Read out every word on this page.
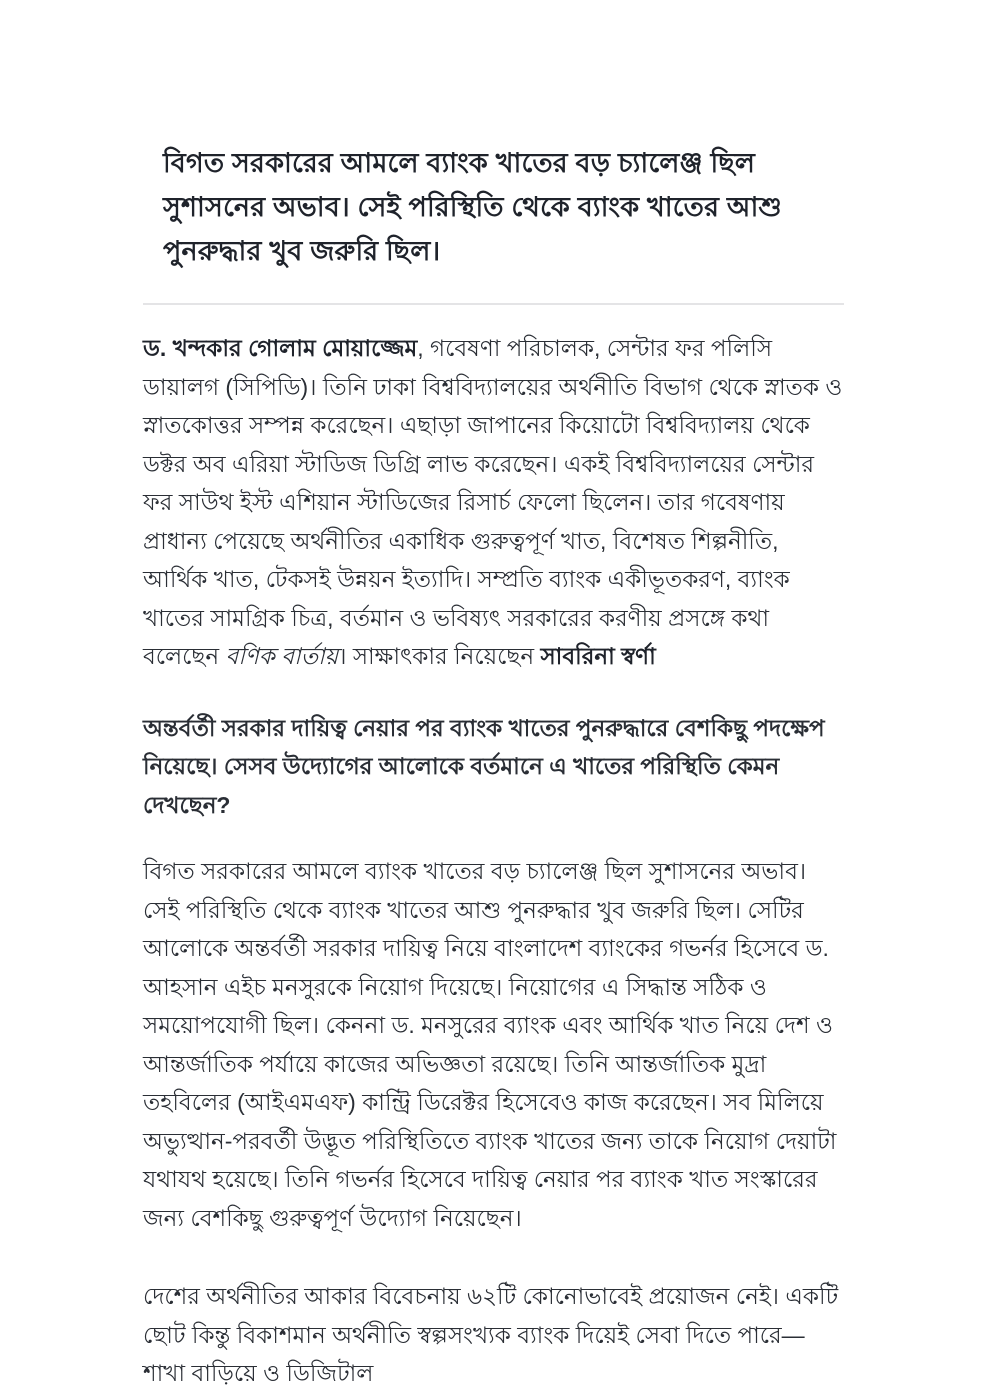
বিগত সরকারের আমলে ব্যাংক খাতের বড় চ্যালেঞ্জ ছিল সুশাসনের অভাব। সেই পরিস্থিতি থেকে ব্যাংক খাতের আশু পুনরুদ্ধার খুব জরুরি ছিল।

ড. খন্দকার গোলাম মোয়াজ্জেম, গবেষণা পরিচালক, সেন্টার ফর পলিসি ডায়ালগ (সিপিডি)। তিনি ঢাকা বিশ্ববিদ্যালয়ের অর্থনীতি বিভাগ থেকে স্নাতক ও স্নাতকোত্তর সম্পন্ন করেছেন। এছাড়া জাপানের কিয়োটো বিশ্ববিদ্যালয় থেকে ডক্টর অব এরিয়া স্টাডিজ ডিগ্রি লাভ করেছেন। একই বিশ্ববিদ্যালয়ের সেন্টার ফর সাউথ ইস্ট এশিয়ান স্টাডিজের রিসার্চ ফেলো ছিলেন। তার গবেষণায় প্রাধান্য পেয়েছে অর্থনীতির একাধিক গুরুত্বপূর্ণ খাত, বিশেষত শিল্পনীতি, আর্থিক খাত, টেকসই উন্নয়ন ইত্যাদি। সম্প্রতি ব্যাংক একীভূতকরণ, ব্যাংক খাতের সামগ্রিক চিত্র, বর্তমান ও ভবিষ্যৎ সরকারের করণীয় প্রসঙ্গে কথা বলেছেন বণিক বার্তায়। সাক্ষাৎকার নিয়েছেন সাবরিনা স্বর্ণা

অন্তর্বর্তী সরকার দায়িত্ব নেয়ার পর ব্যাংক খাতের পুনরুদ্ধারে বেশকিছু পদক্ষেপ নিয়েছে। সেসব উদ্যোগের আলোকে বর্তমানে এ খাতের পরিস্থিতি কেমন দেখছেন?

বিগত সরকারের আমলে ব্যাংক খাতের বড় চ্যালেঞ্জ ছিল সুশাসনের অভাব। সেই পরিস্থিতি থেকে ব্যাংক খাতের আশু পুনরুদ্ধার খুব জরুরি ছিল। সেটির আলোকে অন্তর্বর্তী সরকার দায়িত্ব নিয়ে বাংলাদেশ ব্যাংকের গভর্নর হিসেবে ড. আহসান এইচ মনসুরকে নিয়োগ দিয়েছে। নিয়োগের এ সিদ্ধান্ত সঠিক ও সময়োপযোগী ছিল। কেননা ড. মনসুরের ব্যাংক এবং আর্থিক খাত নিয়ে দেশ ও আন্তর্জাতিক পর্যায়ে কাজের অভিজ্ঞতা রয়েছে। তিনি আন্তর্জাতিক মুদ্রা তহবিলের (আইএমএফ) কান্ট্রি ডিরেক্টর হিসেবেও কাজ করেছেন। সব মিলিয়ে অভ্যুত্থান-পরবর্তী উদ্ভূত পরিস্থিতিতে ব্যাংক খাতের জন্য তাকে নিয়োগ দেয়াটা যথাযথ হয়েছে। তিনি গভর্নর হিসেবে দায়িত্ব নেয়ার পর ব্যাংক খাত সংস্কারের জন্য বেশকিছু গুরুত্বপূর্ণ উদ্যোগ নিয়েছেন।

দেশের অর্থনীতির আকার বিবেচনায় ৬২টি কোনোভাবেই প্রয়োজন নেই। একটি ছোট কিন্তু বিকাশমান অর্থনীতি স্বল্পসংখ্যক ব্যাংক দিয়েই সেবা দিতে পারে—শাখা বাড়িয়ে ও ডিজিটাল
